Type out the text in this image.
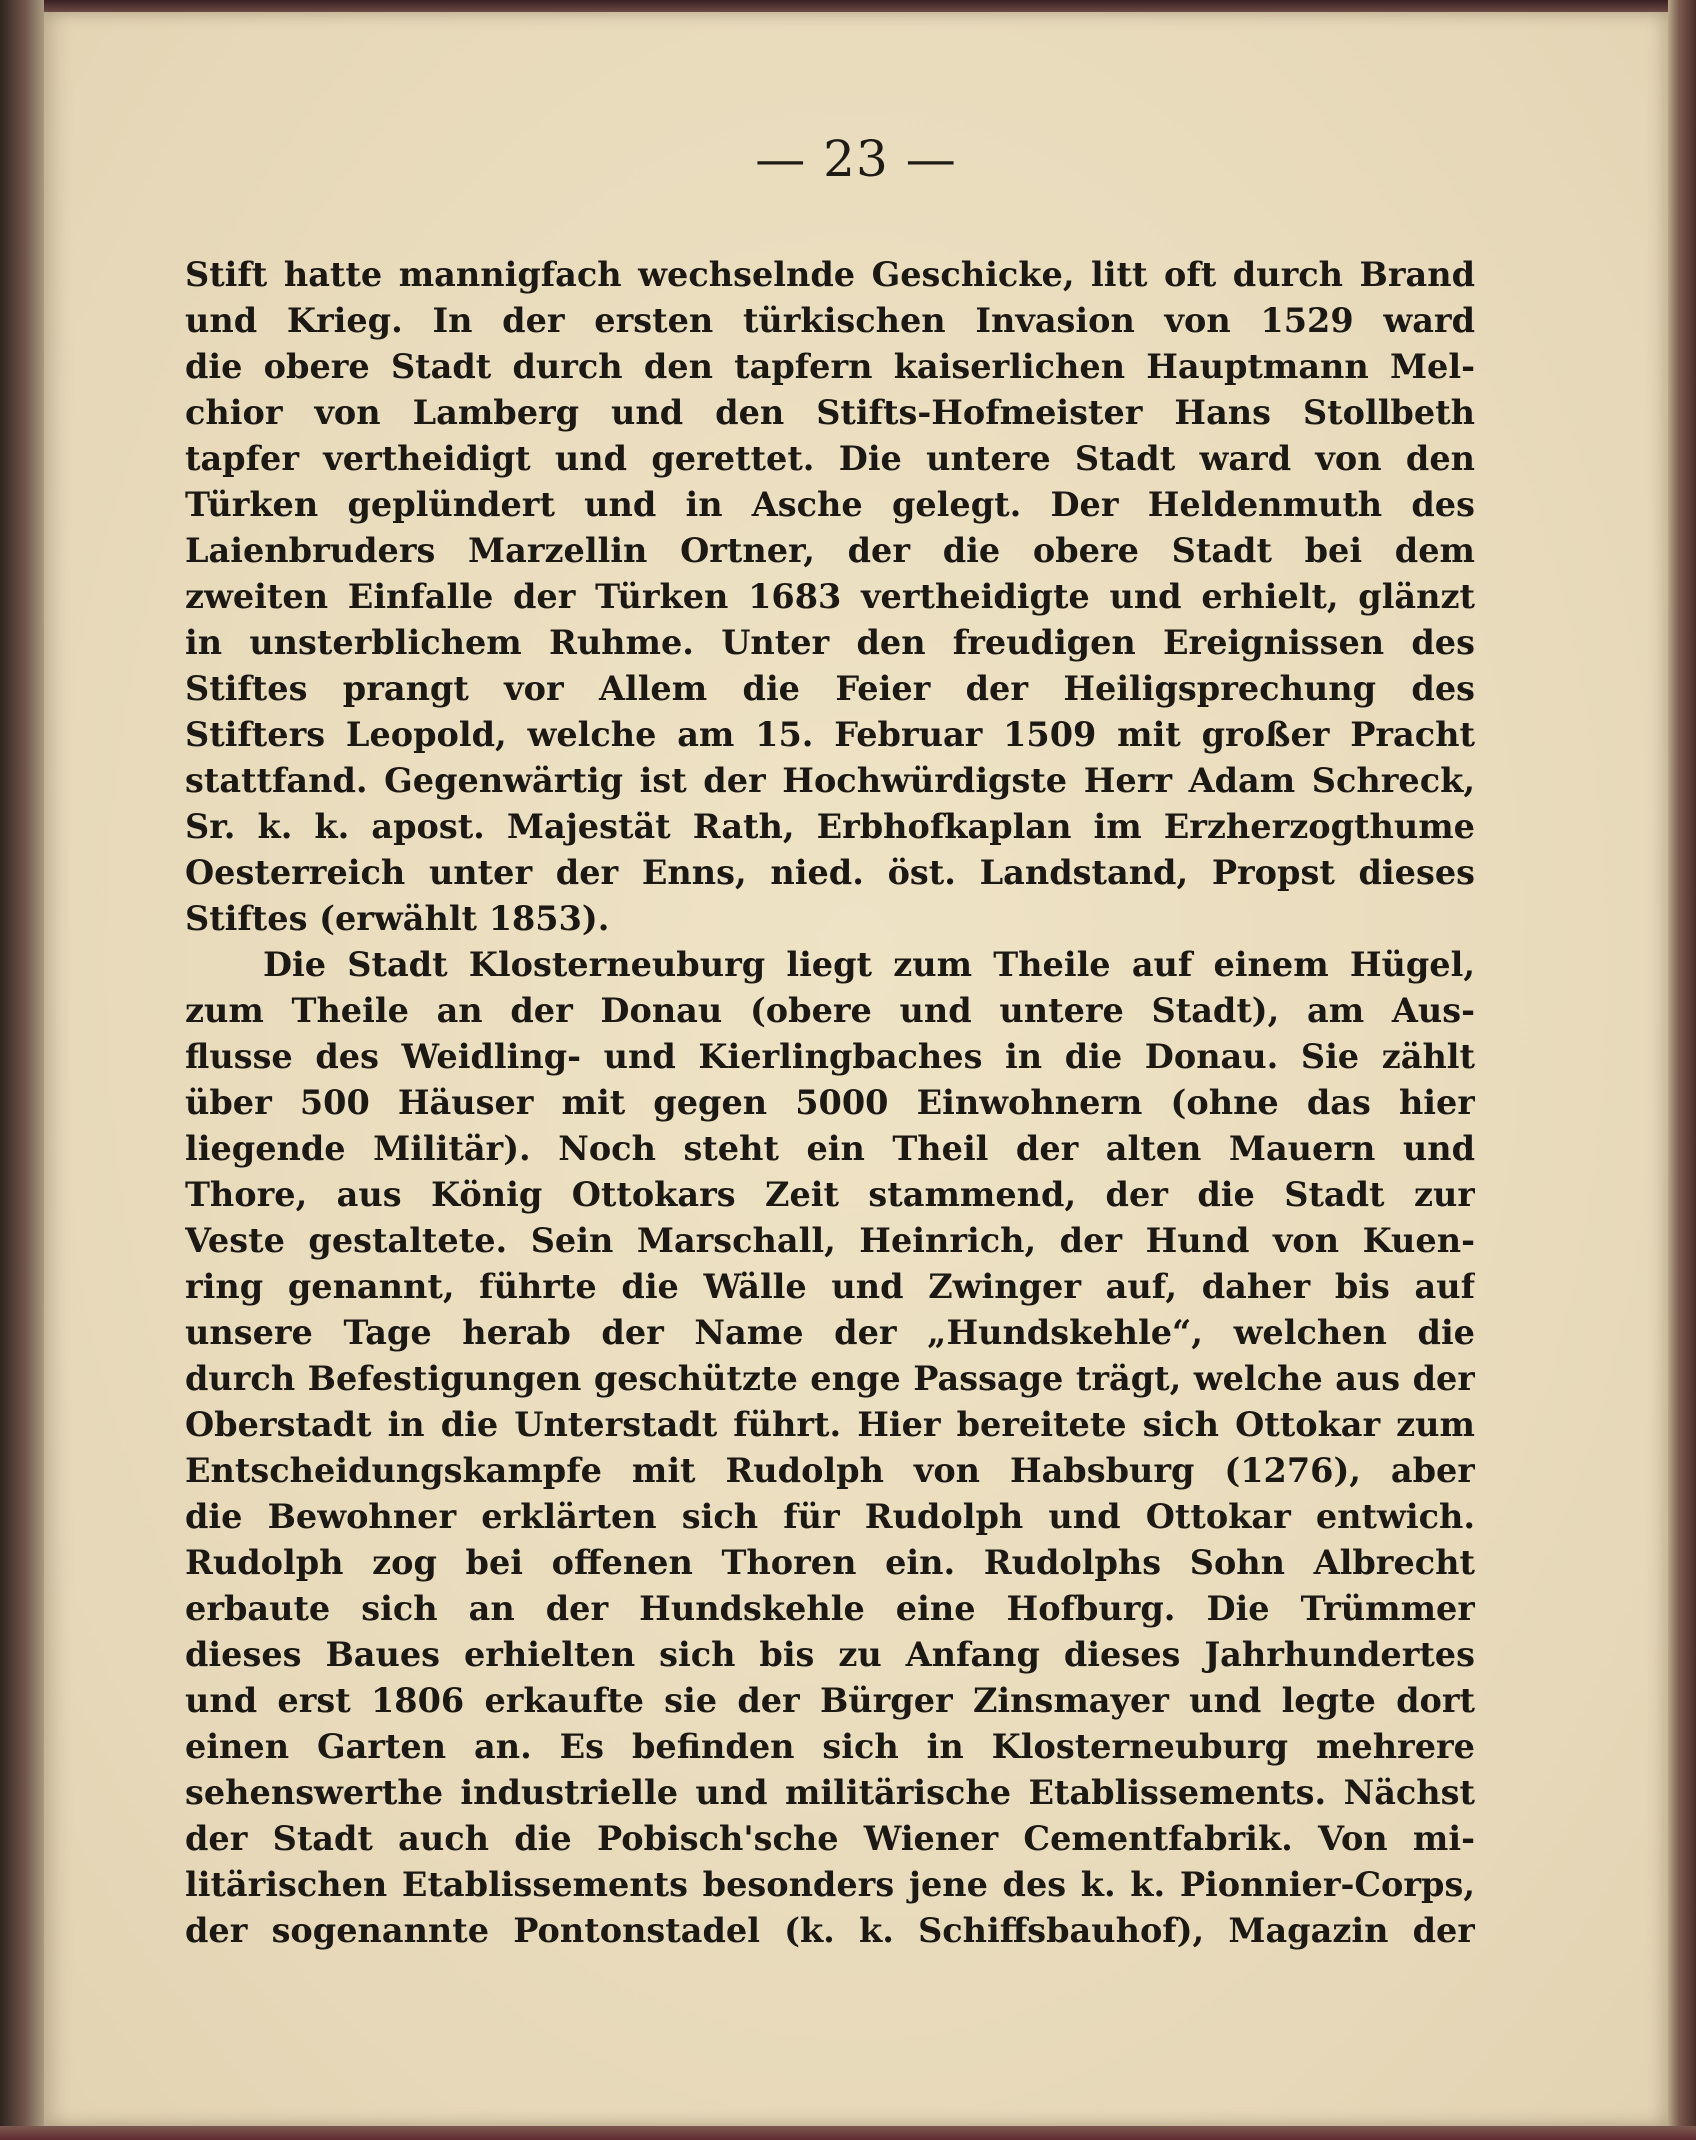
— 23 —
Stift hatte mannigfach wechselnde Geschicke, litt oft durch Brand
und Krieg. In der ersten türkischen Invasion von 1529 ward
die obere Stadt durch den tapfern kaiserlichen Hauptmann Mel-
chior von Lamberg und den Stifts-Hofmeister Hans Stollbeth
tapfer vertheidigt und gerettet. Die untere Stadt ward von den
Türken geplündert und in Asche gelegt. Der Heldenmuth des
Laienbruders Marzellin Ortner, der die obere Stadt bei dem
zweiten Einfalle der Türken 1683 vertheidigte und erhielt, glänzt
in unsterblichem Ruhme. Unter den freudigen Ereignissen des
Stiftes prangt vor Allem die Feier der Heiligsprechung des
Stifters Leopold, welche am 15. Februar 1509 mit großer Pracht
stattfand. Gegenwärtig ist der Hochwürdigste Herr Adam Schreck,
Sr. k. k. apost. Majestät Rath, Erbhofkaplan im Erzherzogthume
Oesterreich unter der Enns, nied. öst. Landstand, Propst dieses
Stiftes (erwählt 1853).
Die Stadt Klosterneuburg liegt zum Theile auf einem Hügel,
zum Theile an der Donau (obere und untere Stadt), am Aus-
flusse des Weidling- und Kierlingbaches in die Donau. Sie zählt
über 500 Häuser mit gegen 5000 Einwohnern (ohne das hier
liegende Militär). Noch steht ein Theil der alten Mauern und
Thore, aus König Ottokars Zeit stammend, der die Stadt zur
Veste gestaltete. Sein Marschall, Heinrich, der Hund von Kuen-
ring genannt, führte die Wälle und Zwinger auf, daher bis auf
unsere Tage herab der Name der „Hundskehle“, welchen die
durch Befestigungen geschützte enge Passage trägt, welche aus der
Oberstadt in die Unterstadt führt. Hier bereitete sich Ottokar zum
Entscheidungskampfe mit Rudolph von Habsburg (1276), aber
die Bewohner erklärten sich für Rudolph und Ottokar entwich.
Rudolph zog bei offenen Thoren ein. Rudolphs Sohn Albrecht
erbaute sich an der Hundskehle eine Hofburg. Die Trümmer
dieses Baues erhielten sich bis zu Anfang dieses Jahrhundertes
und erst 1806 erkaufte sie der Bürger Zinsmayer und legte dort
einen Garten an. Es befinden sich in Klosterneuburg mehrere
sehenswerthe industrielle und militärische Etablissements. Nächst
der Stadt auch die Pobisch'sche Wiener Cementfabrik. Von mi-
litärischen Etablissements besonders jene des k. k. Pionnier-Corps,
der sogenannte Pontonstadel (k. k. Schiffsbauhof), Magazin der
